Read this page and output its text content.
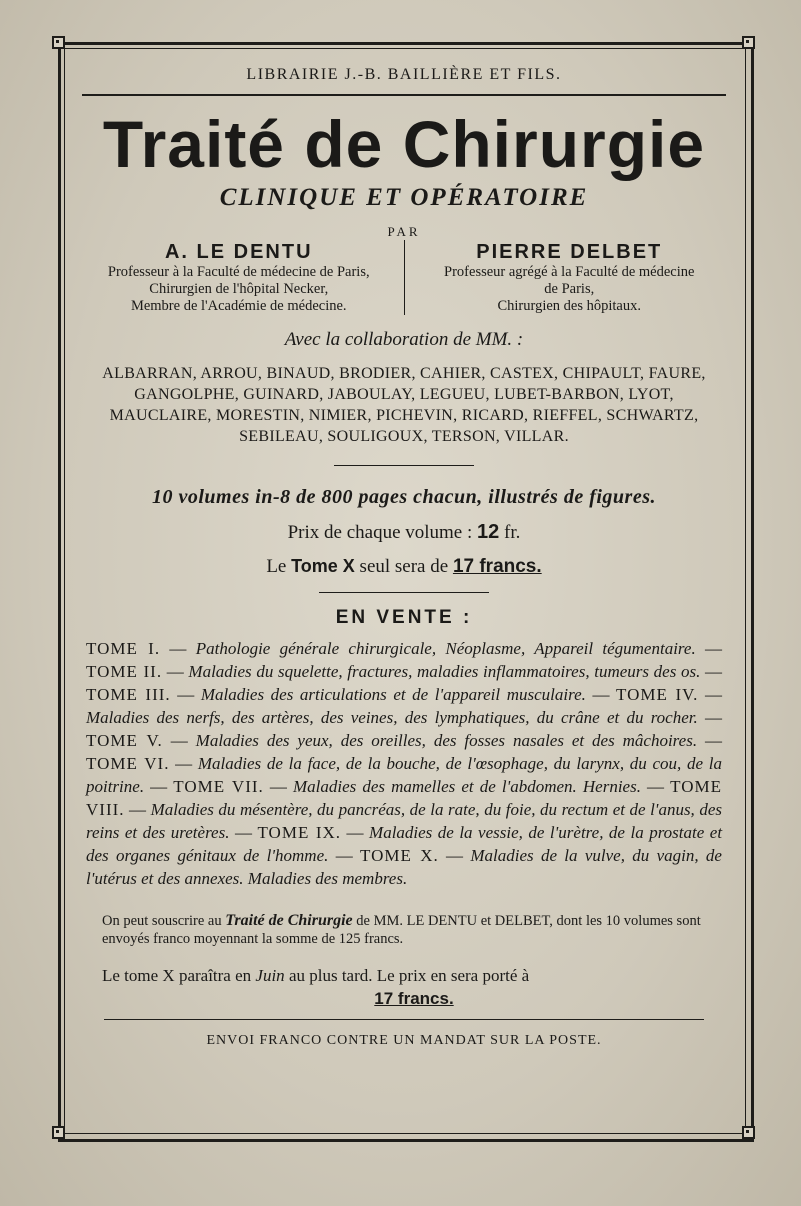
LIBRAIRIE J.-B. BAILLIÈRE ET FILS.
Traité de Chirurgie
CLINIQUE ET OPÉRATOIRE
PAR
A. LE DENTU
Professeur à la Faculté de médecine de Paris,
Chirurgien de l'hôpital Necker,
Membre de l'Académie de médecine.
PIERRE DELBET
Professeur agrégé à la Faculté de médecine
de Paris,
Chirurgien des hôpitaux.
Avec la collaboration de MM. :
ALBARRAN, ARROU, BINAUD, BRODIER, CAHIER, CASTEX, CHIPAULT, FAURE, GANGOLPHE, GUINARD, JABOULAY, LEGUEU, LUBET-BARBON, LYOT, MAUCLAIRE, MORESTIN, NIMIER, PICHEVIN, RICARD, RIEFFEL, SCHWARTZ, SEBILEAU, SOULIGOUX, TERSON, VILLAR.
10 volumes in-8 de 800 pages chacun, illustrés de figures.
Prix de chaque volume : 12 fr.
Le Tome X seul sera de 17 francs.
EN VENTE :
TOME I. — Pathologie générale chirurgicale, Néoplasme, Appareil tégumentaire. — TOME II. — Maladies du squelette, fractures, maladies inflammatoires, tumeurs des os. — TOME III. — Maladies des articulations et de l'appareil musculaire. — TOME IV. — Maladies des nerfs, des artères, des veines, des lymphatiques, du crâne et du rocher. — TOME V. — Maladies des yeux, des oreilles, des fosses nasales et des mâchoires. — TOME VI. — Maladies de la face, de la bouche, de l'œsophage, du larynx, du cou, de la poitrine. — TOME VII. — Maladies des mamelles et de l'abdomen. Hernies. — TOME VIII. — Maladies du mésentère, du pancréas, de la rate, du foie, du rectum et de l'anus, des reins et des uretères. — TOME IX. — Maladies de la vessie, de l'urètre, de la prostate et des organes génitaux de l'homme. — TOME X. — Maladies de la vulve, du vagin, de l'utérus et des annexes. Maladies des membres.
On peut souscrire au Traité de Chirurgie de MM. LE DENTU et DELBET, dont les 10 volumes sont envoyés franco moyennant la somme de 125 francs.
Le tome X paraîtra en Juin au plus tard. Le prix en sera porté à
17 francs.
ENVOI FRANCO CONTRE UN MANDAT SUR LA POSTE.
